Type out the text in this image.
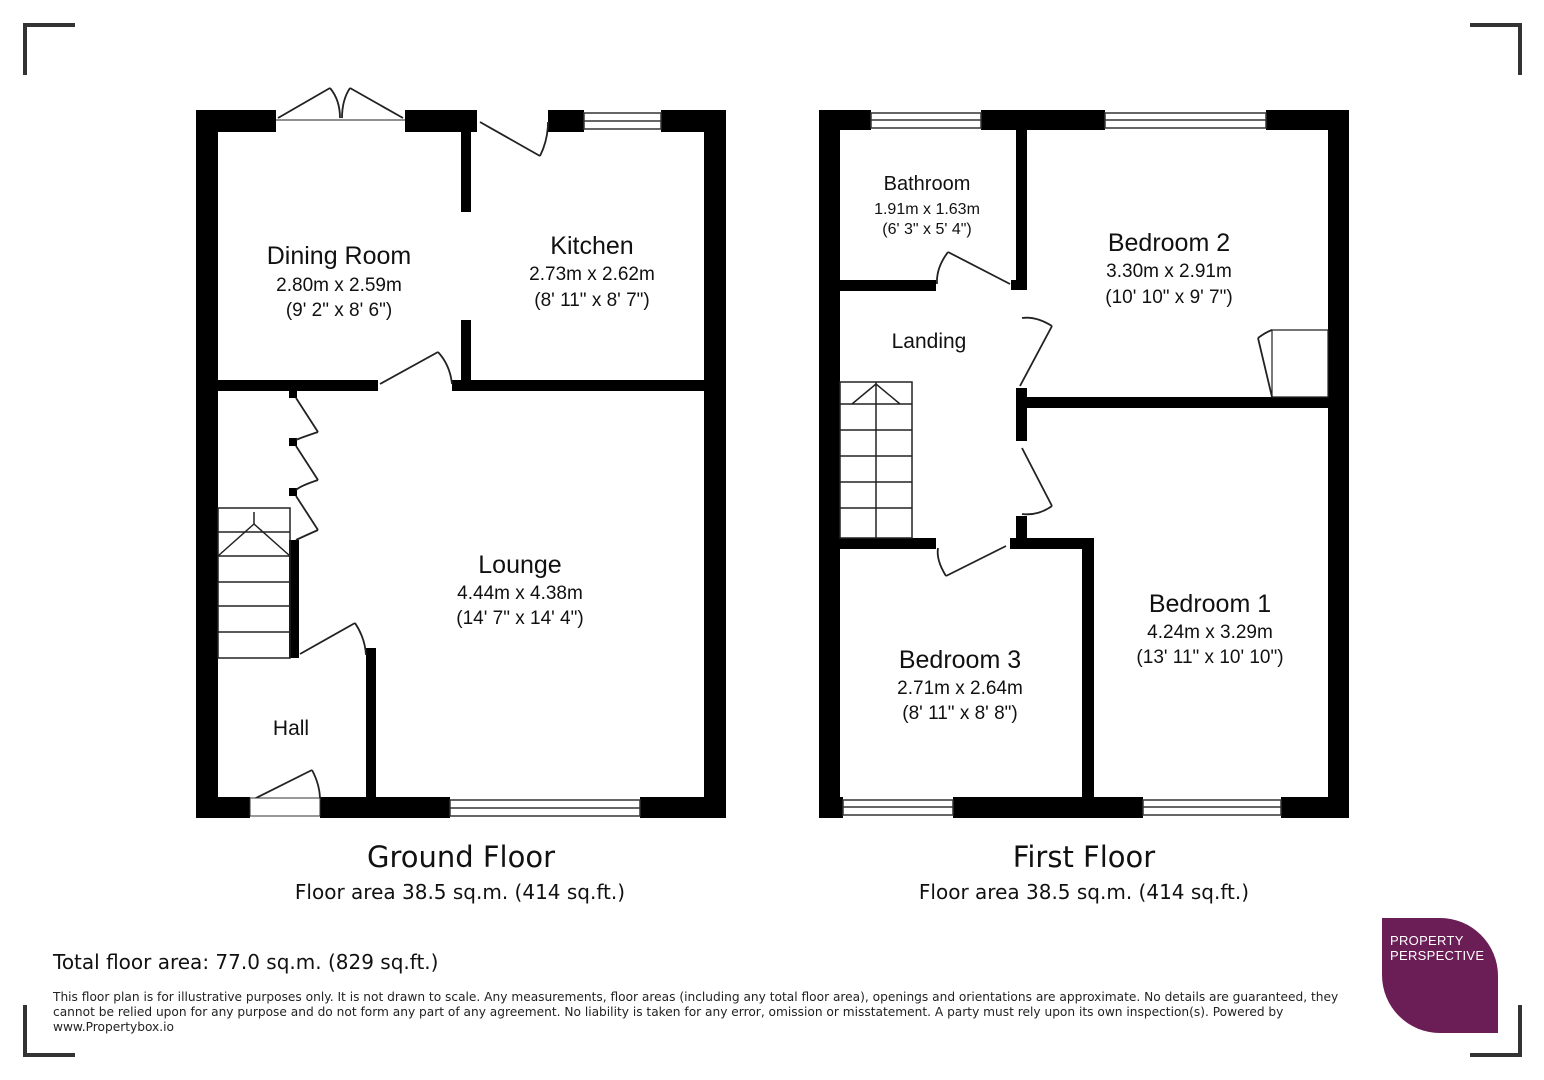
Dining Room
2.80m x 2.59m
(9' 2" x 8' 6")
Kitchen
2.73m x 2.62m
(8' 11" x 8' 7")
Lounge
4.44m x 4.38m
(14' 7" x 14' 4")
Hall
Bathroom
1.91m x 1.63m
(6' 3" x 5' 4")	Bedroom 2
3.30m x 2.91m
(10' 10" x 9' 7")
Landing
Bedroom 1
4.24m x 3.29m
(13' 11" x 10' 10")
Bedroom 3
2.71m x 2.64m
(8' 11" x 8' 8")
Ground Floor
Floor area 38.5 sq.m. (414 sq.ft.)
First Floor
Floor area 38.5 sq.m. (414 sq.ft.)
Total floor area: 77.0 sq.m. (829 sq.ft.)
This floor plan is for illustrative purposes only. It is not drawn to scale. Any measurements, floor areas (including any total floor area), openings and orientations are approximate. No details are guaranteed, they cannot be relied upon for any purpose and do not form any part of any agreement. No liability is taken for any error, omission or misstatement. A party must rely upon its own inspection(s). Powered by www.Propertybox.io
PROPERTY
PERSPECTIVE
